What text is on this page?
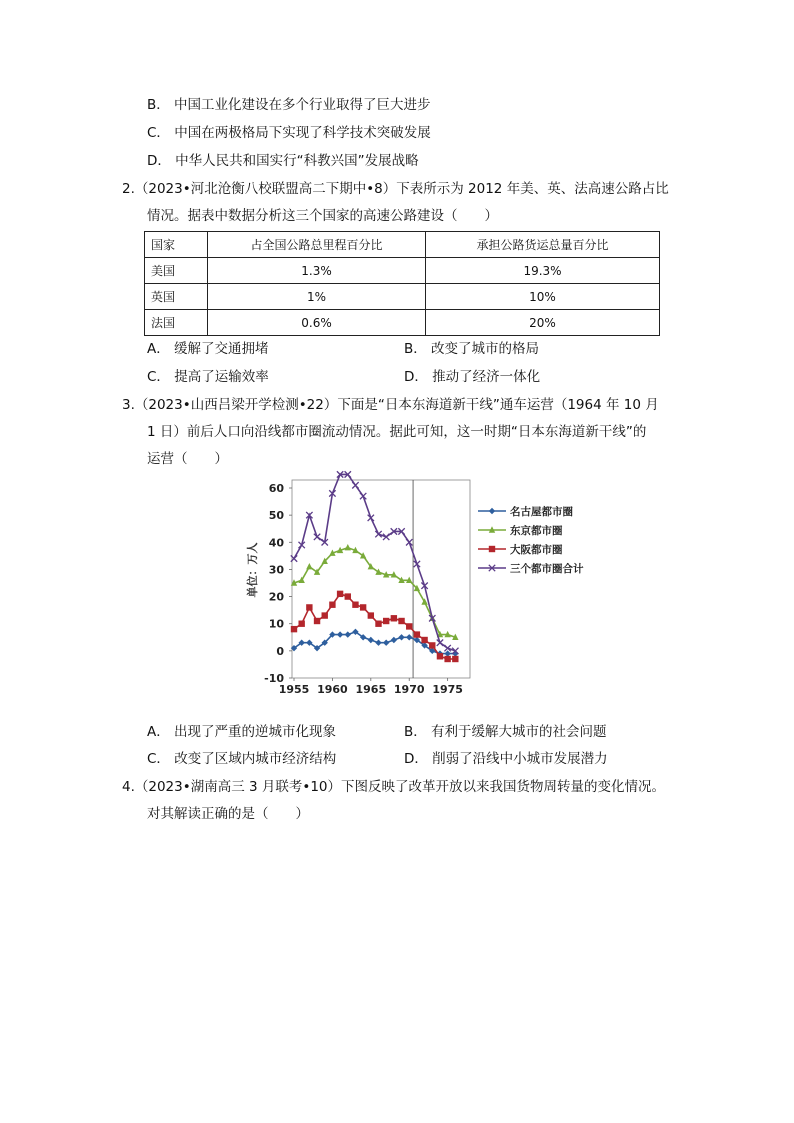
B． 中国工业化建设在多个行业取得了巨大进步
C． 中国在两极格局下实现了科学技术突破发展
D． 中华人民共和国实行“科教兴国”发展战略
2.（2023•河北沧衡八校联盟高二下期中•8）下表所示为 2012 年美、英、法高速公路占比
情况。据表中数据分析这三个国家的高速公路建设（　　）
国家	占全国公路总里程百分比	承担公路货运总量百分比
美国	1.3%	19.3%
英国	1%	10%
法国	0.6%	20%
A． 缓解了交通拥堵	B． 改变了城市的格局
C． 提高了运输效率	D． 推动了经济一体化
3.（2023•山西吕梁开学检测•22）下面是“日本东海道新干线”通车运营（1964 年 10 月
1 日）前后人口向沿线都市圈流动情况。据此可知，这一时期“日本东海道新干线”的
运营（　　）
-10
0
10
20
30
40
50
60
1955 1960 1965 1970 1975
名古屋都市圈
东京都市圈
大阪都市圈
三个都市圈合计
单位：万人
A． 出现了严重的逆城市化现象	B． 有利于缓解大城市的社会问题
C． 改变了区域内城市经济结构	D． 削弱了沿线中小城市发展潜力
4.（2023•湖南高三 3 月联考•10）下图反映了改革开放以来我国货物周转量的变化情况。
对其解读正确的是（　　）
